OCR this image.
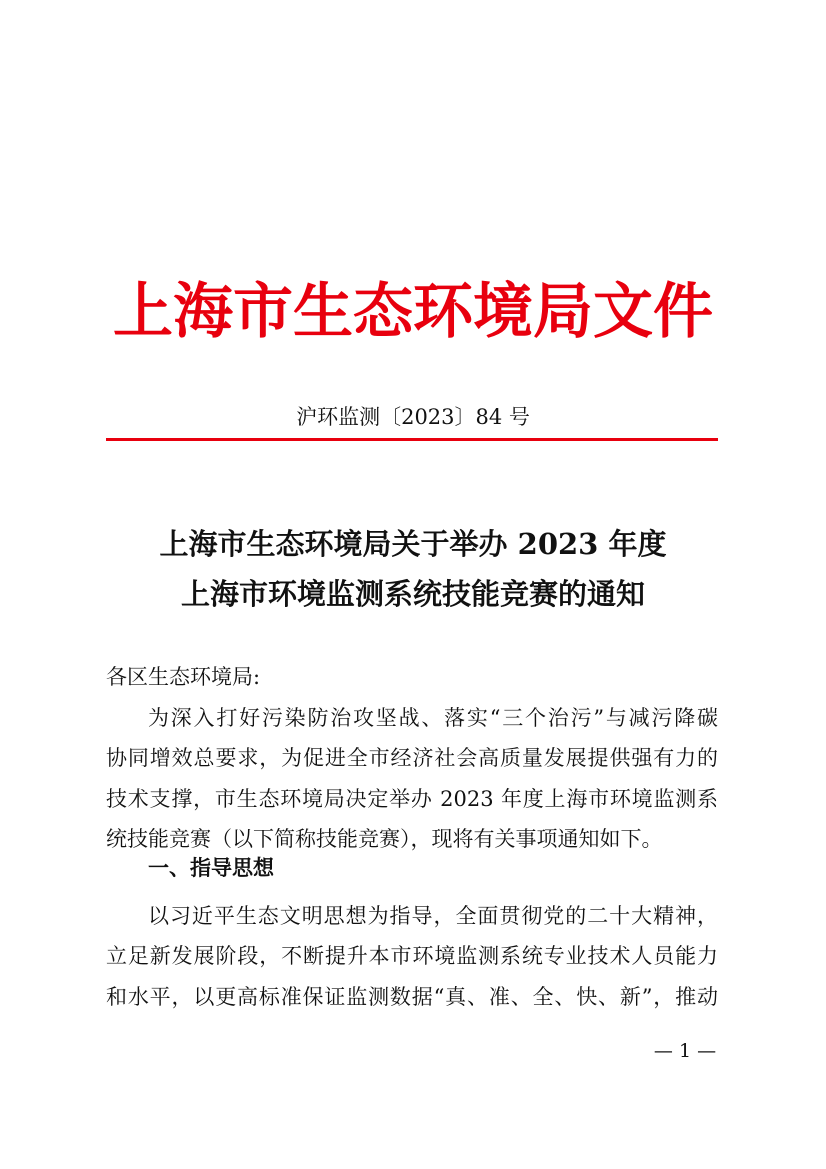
上海市生态环境局文件
沪环监测〔2023〕84 号
上海市生态环境局关于举办 2023 年度
上海市环境监测系统技能竞赛的通知
各区生态环境局:
为深入打好污染防治攻坚战、落实“三个治污”与减污降碳
协同增效总要求，为促进全市经济社会高质量发展提供强有力的
技术支撑，市生态环境局决定举办 2023 年度上海市环境监测系
统技能竞赛（以下简称技能竞赛），现将有关事项通知如下。
一、指导思想
以习近平生态文明思想为指导，全面贯彻党的二十大精神，
立足新发展阶段，不断提升本市环境监测系统专业技术人员能力
和水平，以更高标准保证监测数据“真、准、全、快、新”，推动
— 1 —
